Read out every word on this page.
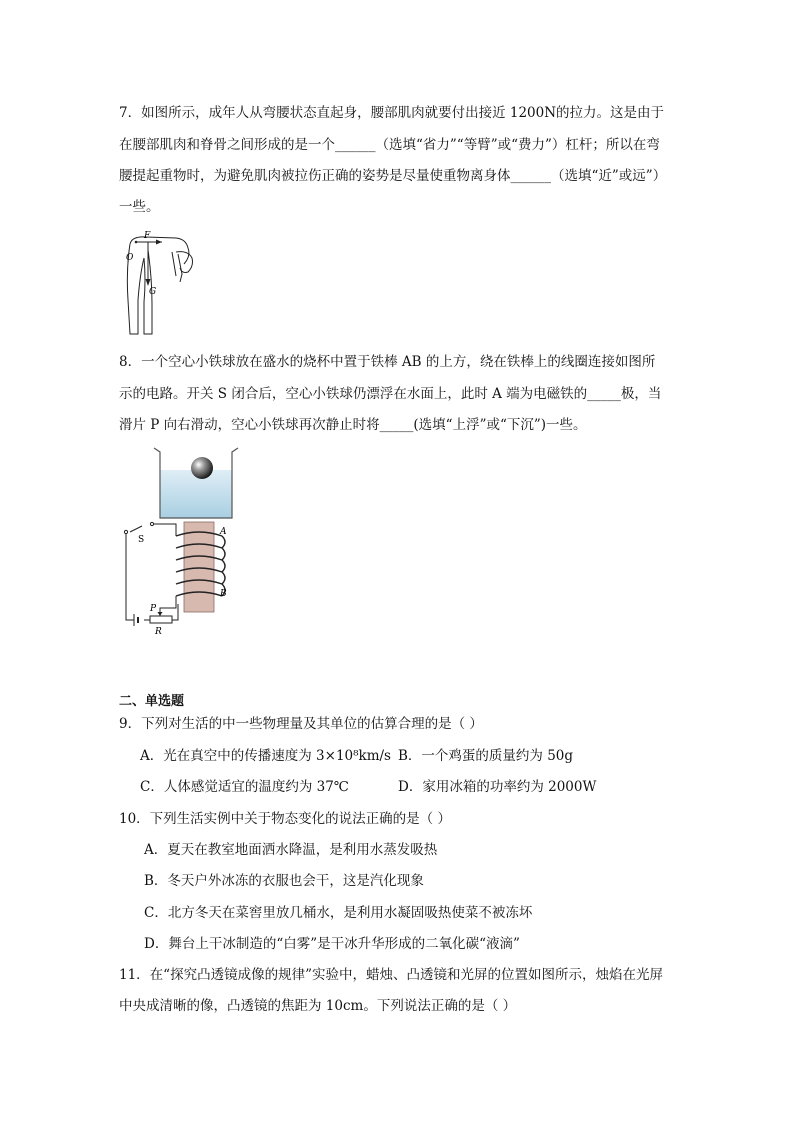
7．如图所示，成年人从弯腰状态直起身，腰部肌肉就要付出接近 1200N的拉力。这是由于
在腰部肌肉和脊骨之间形成的是一个______（选填“省力”“等臂”或“费力”）杠杆；所以在弯
腰提起重物时，为避免肌肉被拉伤正确的姿势是尽量使重物离身体______（选填“近”或远”）
一些。
F
O
G
8．一个空心小铁球放在盛水的烧杯中置于铁棒 AB 的上方，绕在铁棒上的线圈连接如图所
示的电路。开关 S 闭合后，空心小铁球仍漂浮在水面上，此时 A 端为电磁铁的_____极，当
滑片 P 向右滑动，空心小铁球再次静止时将_____(选填“上浮”或“下沉”)一些。
A
B
S
P
R
二、单选题
9．下列对生活的中一些物理量及其单位的估算合理的是（ ）
A．光在真空中的传播速度为 3×10⁸km/s B．一个鸡蛋的质量约为 50g
C．人体感觉适宜的温度约为 37℃	D．家用冰箱的功率约为 2000W
10．下列生活实例中关于物态变化的说法正确的是（ ）
A．夏天在教室地面洒水降温，是利用水蒸发吸热
B．冬天户外冰冻的衣服也会干，这是汽化现象
C．北方冬天在菜窖里放几桶水，是利用水凝固吸热使菜不被冻坏
D．舞台上干冰制造的“白雾”是干冰升华形成的二氧化碳“液滴”
11．在“探究凸透镜成像的规律”实验中，蜡烛、凸透镜和光屏的位置如图所示，烛焰在光屏
中央成清晰的像，凸透镜的焦距为 10cm。下列说法正确的是（ ）
